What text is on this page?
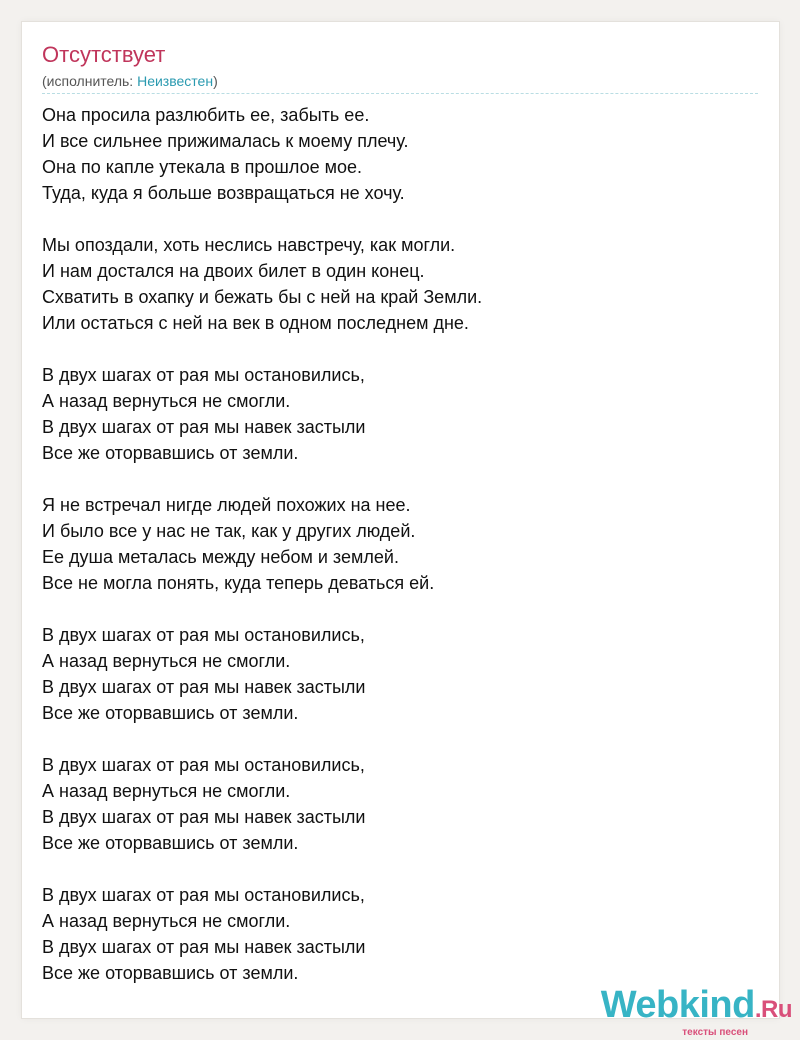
Отсутствует
(исполнитель: Неизвестен)
Она просила разлюбить ее, забыть ее.
И все сильнее прижималась к моему плечу.
Она по капле утекала в прошлое мое.
Туда, куда я больше возвращаться не хочу.
Мы опоздали, хоть неслись навстречу, как могли.
И нам достался на двоих билет в один конец.
Схватить в охапку и бежать бы с ней на край Земли.
Или остаться с ней на век в одном последнем дне.
В двух шагах от рая мы остановились,
А назад вернуться не смогли.
В двух шагах от рая мы навек застыли
Все же оторвавшись от земли.
Я не встречал нигде людей похожих на нее.
И было все у нас не так, как у других людей.
Ее душа металась между небом и землей.
Все не могла понять, куда теперь деваться ей.
В двух шагах от рая мы остановились,
А назад вернуться не смогли.
В двух шагах от рая мы навек застыли
Все же оторвавшись от земли.
В двух шагах от рая мы остановились,
А назад вернуться не смогли.
В двух шагах от рая мы навек застыли
Все же оторвавшись от земли.
В двух шагах от рая мы остановились,
А назад вернуться не смогли.
В двух шагах от рая мы навек застыли
Все же оторвавшись от земли.
Webkind.Ru
тексты песен
